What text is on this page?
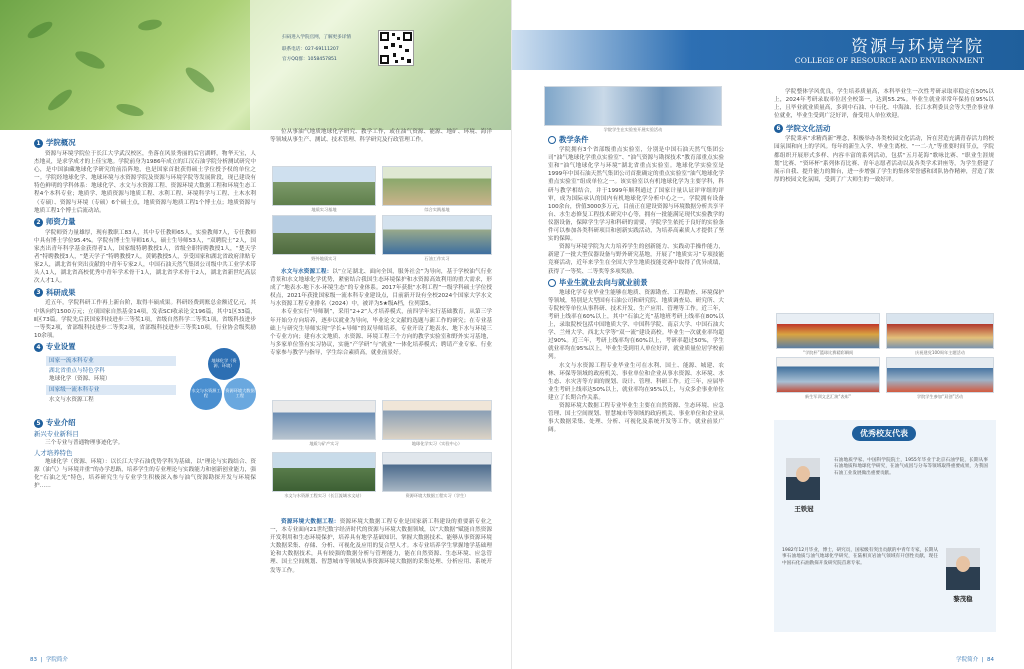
扫码进入学院官网，了解更多详情
联系电话：027-69111207
官方QQ群：1058457851
1 学院概况

资源与环境学院位于长江大学武汉校区，坐落在风景秀丽的后官湖畔，物华天宝，人杰地灵，是求学成才的上佳宝地。学院前身为1986年成立的江汉石油学院分析测试研究中心，是中国油藏地球化学研究的前沿阵地，也是国家首批获得硕士学位授予权的单位之一。学院经地球化学、地球环境与水资源学院及资源与环境学院等发展阶段，现已建设有特色鲜明的学科体系：地球化学、水文与水资源工程、资源环境大数据工程和环境生态工程4个本科专业；地质学、地质资源与地质工程、水利工程、环境科学与工程、土木水利（专硕）、资源与环境（专硕）6个硕士点，地质资源与地质工程1个博士点；地质资源与地质工程1个博士后流动站。

2 师资力量

学院师资力量雄厚，现有教职工83人，其中专任教师65人，实验教师7人，专任教师中具有博士学位95.4%。学院有博士生导师16人，硕士生导师53人，“双聘院士”2人，国家杰出青年科学基金获得者1人，国家级特聘教授1人，省级全职特聘教授1人，“楚天学者”特聘教授3人，“楚天学子”特聘教授7人，黄鹤教授5人，享受国家和湖北省政府津贴专家2人，湖北省有突出贡献的中青年专家2人，中国石油天然气集团公司级中共工业学术带头人1人，湖北省高校优秀中青年学术骨干1人，湖北省学术骨干2人，湖北省新世纪高层次人才1人。

3 科研成果

近五年，学院科研工作再上新台阶，取得丰硕成果。科研经费到账总金额近亿元，其中纵向约1500万元；立项国家自然基金14项，发表SCI收录论文196篇，其中1区33篇，Ⅱ区73篇。学院先后获国家科技进步三等奖1项，省级自然科学二等奖1项，省级科技进步一等奖2项，省部级科技进步二等奖2项，省部级科技进步三等奖10项，行业协会级奖励10余项。

4 专业设置
国家一流本科专业
湖北省重点与特色学科
地球化学（资源、环境）
国家级一流本科专业
水文与水资源工程
地球化学（资源、环境）
水文与水资源工程
资源环境大数据工程
5 专业介绍
新兴专业新科目

三个专业与普通物理事迹化学。

人才培养特色

地球化学（资源、环境）：以长江大学石油优势学科为基础，以“理论与实践结合、资源（油气）与环境并重”的办学思路，培养学生的专业理论与实践能力和创新创业能力，强化“石油之光”特色，培养研究生与专业学生积极深入参与油气资源勘探开发与环境保护……

位从事油气地质地球化学研究、教学工作，或在油气资源、能源、地矿、环境、海洋等领域从事生产、测试、技术管理、科学研究及行政管理工作。

地质实习基地	综合实践基地
野外地质实习	石油工作实习

水文与水资源工程：以“立足湖北、面向全国，服务社会”为导向，基于学校油气行业背景和水文地球化学优势，紧密结合我国生态环境保护和水资源高效利用的重大需求，形成了“地表水-地下水-环境生态”的专业体系。2017年获批“水利工程”一级学科硕士学位授权点，2021年获批国家级一流本科专业建设点，目前新开设有全校2024个国家大学水文与水资源工程专业排名（2024）中，被评为5★级A档，位列第5。

本专业实行“导师制”，采用“2+2”人才培养模式，前四学年实行基础教育，从第三学年开始分方向培养，逐步以就业为导向，毕业论文文献的选题与新工作的研究；在专业基础上与研究生导师实现“学长+导师”的双导师培养，专业开设了地表水、地下水与环境三个专业方向；建有水文地质、水资源、环境工程三个方向的教学实验室和野外实习基地，与多家单位签有实习协议，实施“产学研”与“就业”一体化培养模式；聘请产业专家、行业专家参与教学与指导，学生综合素质高，就业前景好。

地质与矿产实习	地球化学实习（实验中心）
水文与水资源工程实习（长江流域水文站）	资源环境大数据工程实习（学生）

资源环境大数据工程：资源环境大数据工程专业是国家新工科建设的重要新专业之一，本专业面向21世纪数字经济时代的资源与环境大数据领域，以“大数据”赋能自然资源开发利用和生态环境保护，培养具有地学基础知识、掌握大数据技术、能够从事资源环境大数据采集、存储、分析、可视化及应用的复合型人才。本专业培养学生掌握地学基础理论和大数据技术，具有较强的数据分析与管理能力，能在自然资源、生态环境、应急管理、国土空间规划、智慧城市等领域从事资源环境大数据的采集处理、分析应用、系统开发等工作。

83  |  学院简介
资源与环境学院
COLLEGE OF RESOURCE AND ENVIRONMENT
学院学生在实验室开展实验活动
教学条件

学院拥有3个省部级重点实验室，分别是中国石油天然气集团公司“油气地球化学重点实验室”、“油气资源与勘探技术”教育部重点实验室和“油气地球化学与环境”湖北省重点实验室。地球化学实验室是1999年中国石油天然气集团公司首批确定的重点实验室“油气地球化学重点实验室”组成单位之一。该实验室以有机地球化学为主要学科，科研与教学相结合，并于1999年顺利通过了国家计量认证评审组的评审，成为国际承认的国内有机地球化学分析中心之一。学院拥有设备100余台，价值3000多万元，目前正在建设资源与环境数据分析共享平台、水生态修复工程技术研究中心等，拥有一批能满足现代实验教学的仪器设备，保障学生学习和科研的需要，学院学生依托于良好的实验条件可以参加各类科研项目和创新实践活动，为培养高素质人才提供了坚实的保障。

资源与环境学院为大力培养学生的创新能力、实践动手操作能力，新建了一批大型仪器设备与野外研究基地，开展了“地质实习”专项技能竞赛活动，近年来学生在全国大学生地质技能竞赛中取得了优异成绩，获得了一等奖、二等奖等多项奖励。

毕业生就业去向与就业前景

地球化学专业毕业生能够在地质、资源勘查、工程勘查、环境保护等领域，特别是大型国有石油公司和研究院、地质调查局、研究所、大专院校等单位从事科研、技术开发、生产应用、管理等工作。近三年，考研上线率在60%以上，其中“石油之光”基地班考研上线率在80%以上，录取院校包括中国地质大学、中国科学院、南京大学、中国石油大学、兰州大学、西北大学等“双一流”建设高校。毕业生一次就业率均超过90%。近三年，考研上线率均在60%以上，考研率超过50%，学生就业率均在95%以上，毕业生受到用人单位好评，就业质量位居学校前列。

水文与水资源工程专业毕业生可在水利、国土、能源、城建、农林、环保等领域的政府机关、事业单位和企业从事水资源、水环境、水生态、水灾害等方面的规划、设计、管理、科研工作。近三年，应届毕业生考研上线率达50%以上，就业率均在95%以上，与众多企事业单位建立了长期合作关系。

资源环境大数据工程专业毕业生主要在自然资源、生态环境、应急管理、国土空间规划、智慧城市等领域的政府机关、事业单位和企业从事大数据采集、处理、分析、可视化及系统开发等工作，就业前景广阔。

学院整体学风优良，学生培养质量高，本科毕业生一次性考研录取率稳定在50%以上，2024年考研录取率位居全校第一，达到55.2%。毕业生就业率常年保持在95%以上，且毕业就业质量高，多到中石油、中石化、中海油、长江水利委员会等大型企事业单位就业，毕业生受到广泛好评，备受用人单位欢迎。

6 学院文化活动

学院秉承“求精尚新”理念，积极举办各类校园文化活动，旨在营造充满青春活力的校园氛围和向上的学风。每年的新生入学、毕业生离校、“一二·九”等重要时间节点，学院都组织开展形式多样、内容丰富的系列活动，包括“五月花海”歌咏比赛、“职业生涯规划”比赛、“资环杯”系列体育比赛、青年志愿者活动以及各类学术讲座等，为学生搭建了展示自我、提升能力的舞台，进一步增强了学生的集体荣誉感和团队协作精神，营造了浓厚的校园文化氛围，受到了广大师生的一致好评。

“学院杯”篮球比赛精彩瞬间	庆祝建党100周年主题活动
新生军训文艺汇演“表彰”	学院学生参加“双创”活动
优秀校友代表
王铁冠
石油地质学家、中国科学院院士，1955年毕业于北京石油学院，长期从事石油地质和地球化学研究，在油气成因与分布等领域取得重要成果，为我国石油工业发展做出重要贡献。
黎茂稳
1982年12月毕业，博士，研究员，国家级有突出贡献的中青年专家，长期从事石油地质与油气地球化学研究，在陆相页岩油气领域有开创性贡献，现任中国石化石油勘探开发研究院首席专家。
学院简介  |  84
